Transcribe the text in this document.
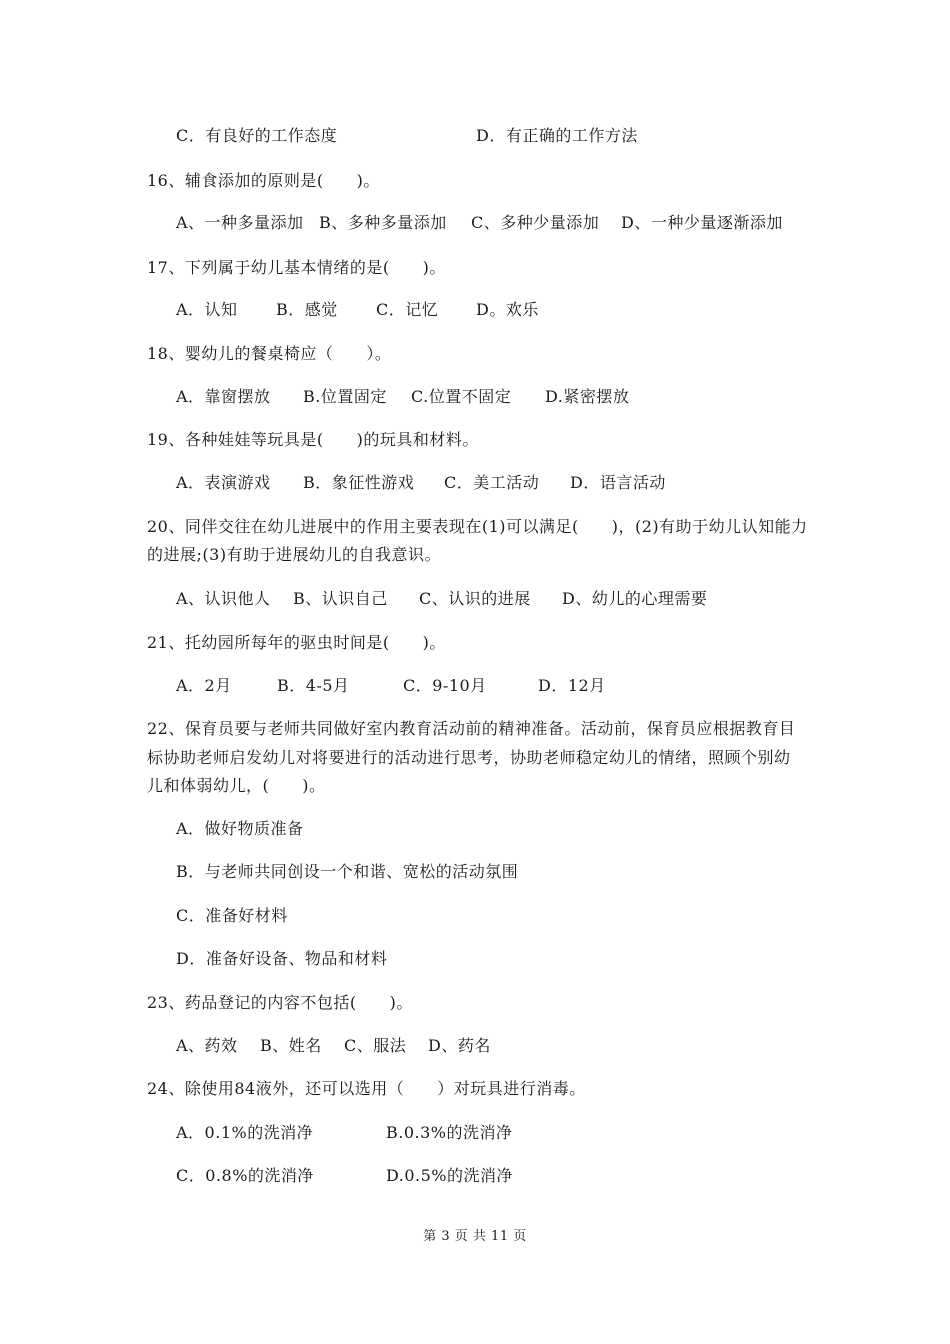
C．有良好的工作态度	D．有正确的工作方法
16、辅食添加的原则是(　　)。
A、一种多量添加 B、多种多量添加 C、多种少量添加 D、一种少量逐渐添加
17、下列属于幼儿基本情绪的是(　　)。
A．认知 B．感觉 C．记忆 D。欢乐
18、婴幼儿的餐桌椅应（　　）。
A．靠窗摆放 B.位置固定 C.位置不固定 D.紧密摆放
19、各种娃娃等玩具是(　　)的玩具和材料。
A．表演游戏 B．象征性游戏 C．美工活动 D．语言活动
20、同伴交往在幼儿进展中的作用主要表现在(1)可以满足(　　)，(2)有助于幼儿认知能力
的进展;(3)有助于进展幼儿的自我意识。
A、认识他人 B、认识自己 C、认识的进展 D、幼儿的心理需要
21、托幼园所每年的驱虫时间是(　　)。
A．2月	B．4-5月	C．9-10月	D．12月
22、保育员要与老师共同做好室内教育活动前的精神准备。活动前，保育员应根据教育目
标协助老师启发幼儿对将要进行的活动进行思考，协助老师稳定幼儿的情绪，照顾个别幼
儿和体弱幼儿，(　　)。
A．做好物质准备
B．与老师共同创设一个和谐、宽松的活动氛围
C．准备好材料
D．准备好设备、物品和材料
23、药品登记的内容不包括(　　)。
A、药效 B、姓名 C、服法 D、药名
24、除使用84液外，还可以选用（　　）对玩具进行消毒。
A．0.1%的洗消净	B.0.3%的洗消净
C．0.8%的洗消净	D.0.5%的洗消净
第 3 页 共 11 页
